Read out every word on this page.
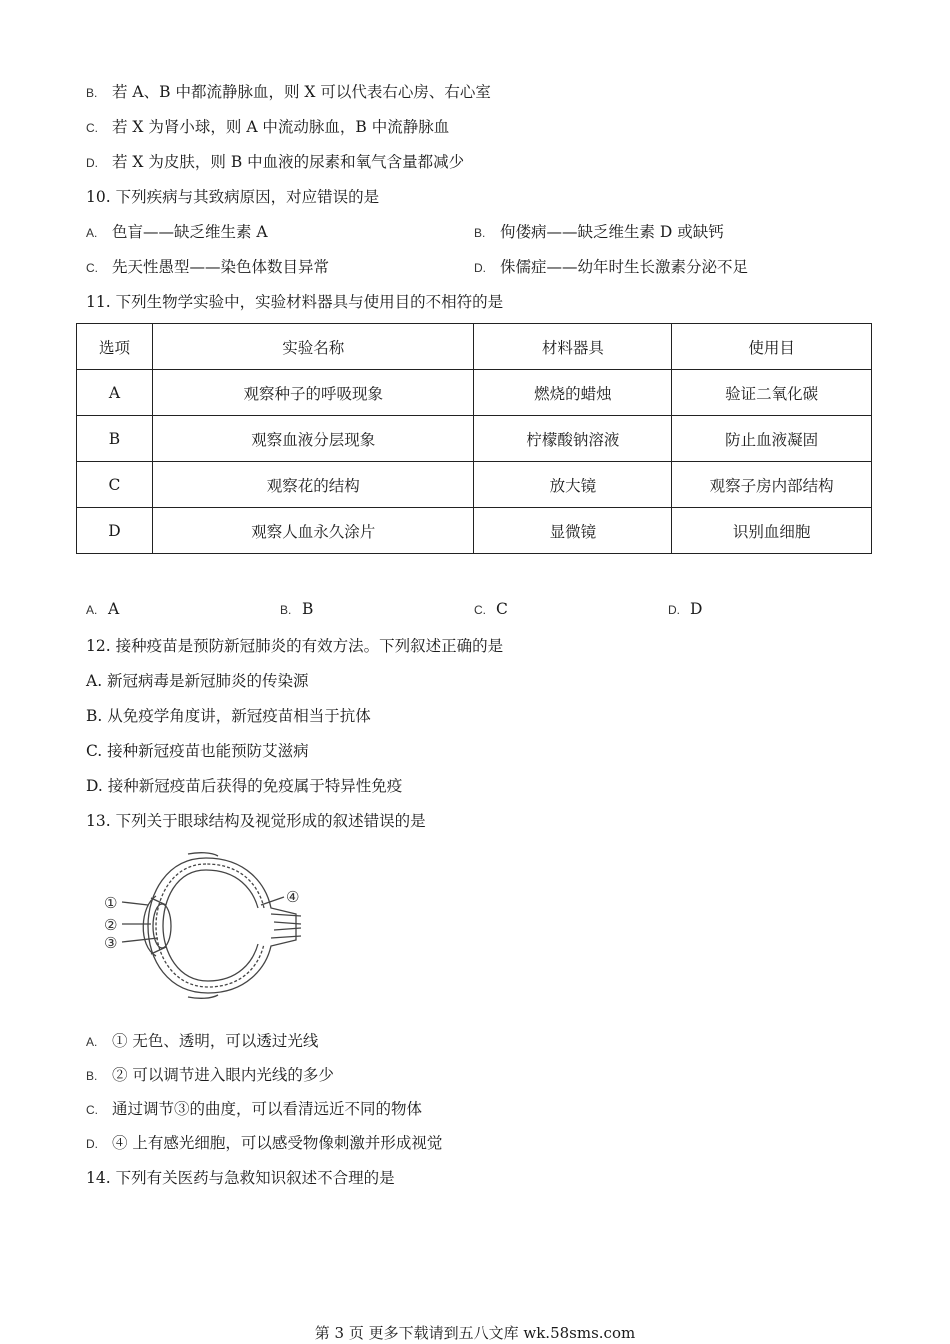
B. 若 A、B 中都流静脉血，则 X 可以代表右心房、右心室
C. 若 X 为肾小球，则 A 中流动脉血，B 中流静脉血
D. 若 X 为皮肤，则 B 中血液的尿素和氧气含量都减少
10. 下列疾病与其致病原因，对应错误的是
A. 色盲——缺乏维生素 A	B. 佝偻病——缺乏维生素 D 或缺钙
C. 先天性愚型——染色体数目异常	D. 侏儒症——幼年时生长激素分泌不足
11. 下列生物学实验中，实验材料器具与使用目的不相符的是
选项	实验名称	材料器具	使用目
A	观察种子的呼吸现象	燃烧的蜡烛	验证二氧化碳
B	观察血液分层现象	柠檬酸钠溶液	防止血液凝固
C	观察花的结构	放大镜	观察子房内部结构
D	观察人血永久涂片	显微镜	识别血细胞
A. A	B. B	C. C	D. D
12. 接种疫苗是预防新冠肺炎的有效方法。下列叙述正确的是
A. 新冠病毒是新冠肺炎的传染源
B. 从免疫学角度讲，新冠疫苗相当于抗体
C. 接种新冠疫苗也能预防艾滋病
D. 接种新冠疫苗后获得的免疫属于特异性免疫
13. 下列关于眼球结构及视觉形成的叙述错误的是
①
②
③
④
A. ① 无色、透明，可以透过光线
B. ② 可以调节进入眼内光线的多少
C. 通过调节③的曲度，可以看清远近不同的物体
D. ④ 上有感光细胞，可以感受物像刺激并形成视觉
14. 下列有关医药与急救知识叙述不合理的是
第 3 页 更多下载请到五八文库 wk.58sms.com
